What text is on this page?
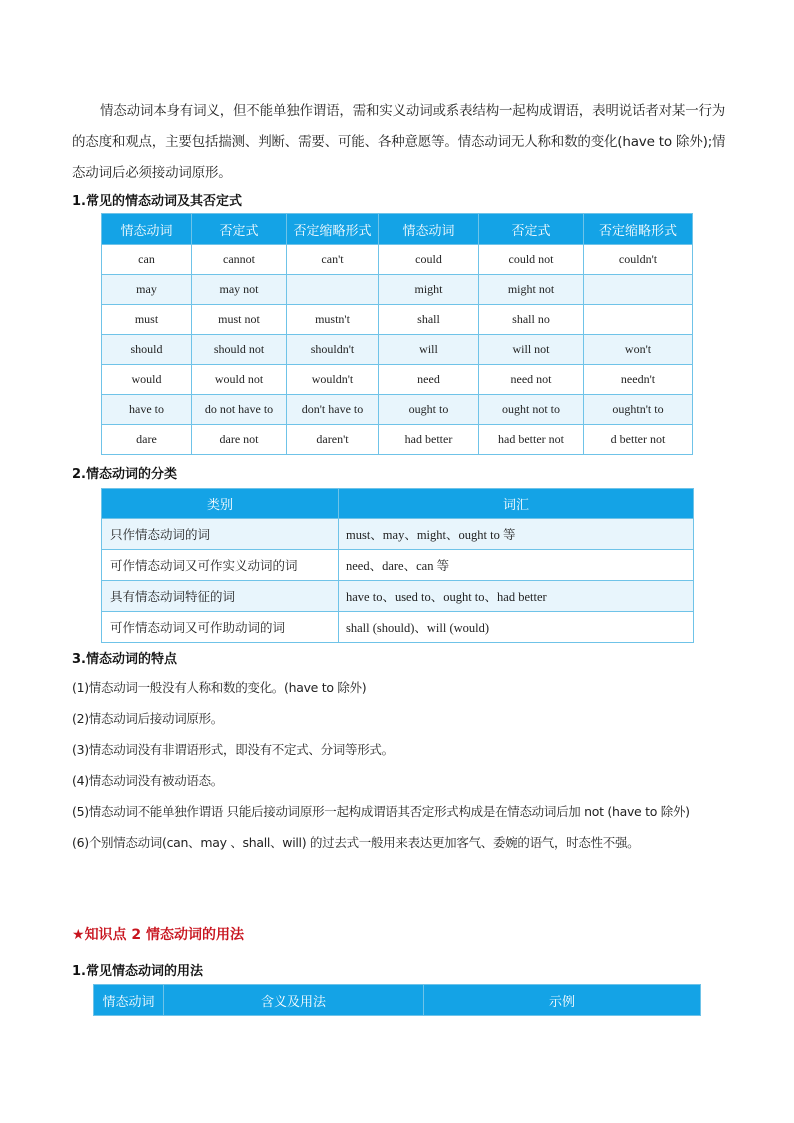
情态动词本身有词义，但不能单独作谓语，需和实义动词或系表结构一起构成谓语，表明说话者对某一行为的态度和观点，主要包括揣测、判断、需要、可能、各种意愿等。情态动词无人称和数的变化(have to 除外);情态动词后必须接动词原形。
1.常见的情态动词及其否定式
情态动词	否定式	否定缩略形式	情态动词	否定式	否定缩略形式
can	cannot	can't	could	could not	couldn't
may	may not		might	might not	
must	must not	mustn't	shall	shall no	
should	should not	shouldn't	will	will not	won't
would	would not	wouldn't	need	need not	needn't
have to	do not have to	don't have to	ought to	ought not to	oughtn't to
dare	dare not	daren't	had better	had better not	d better not
2.情态动词的分类
类别	词汇
只作情态动词的词	must、may、might、ought to 等
可作情态动词又可作实义动词的词	need、dare、can 等
具有情态动词特征的词	have to、used to、ought to、had better
可作情态动词又可作助动词的词	shall (should)、will (would)
3.情态动词的特点
(1)情态动词一般没有人称和数的变化。(have to 除外)
(2)情态动词后接动词原形。
(3)情态动词没有非谓语形式，即没有不定式、分词等形式。
(4)情态动词没有被动语态。
(5)情态动词不能单独作谓语 只能后接动词原形一起构成谓语其否定形式构成是在情态动词后加 not (have to 除外)
(6)个别情态动词(can、may 、shall、will) 的过去式一般用来表达更加客气、委婉的语气，时态性不强。
★知识点 2 情态动词的用法
1.常见情态动词的用法
情态动词	含义及用法	示例
